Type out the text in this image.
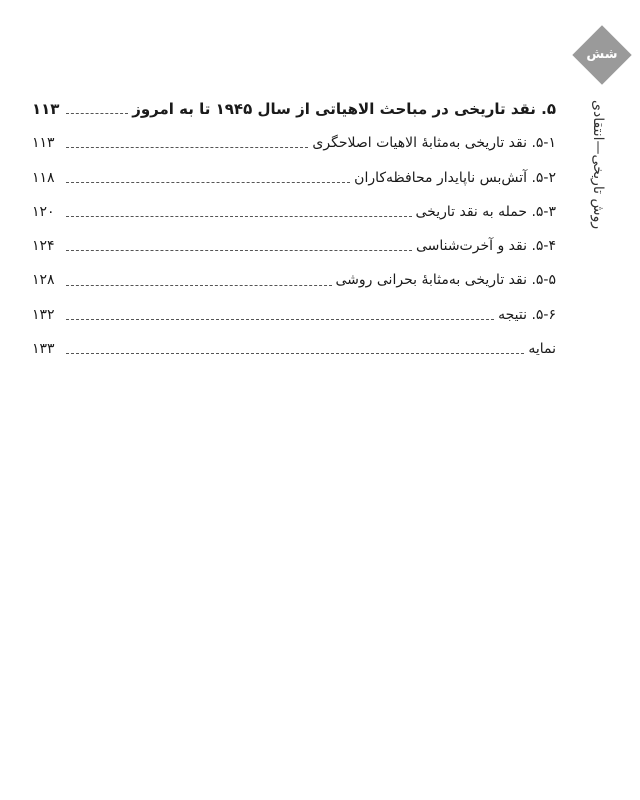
شش
روش تاریخی—انتقادی
۵. نقد تاریخی در مباحث الاهیاتی از سال ۱۹۴۵ تا به امروز
۱۱۳
۵-۱. نقد تاریخی به‌مثابهٔ الاهیات اصلاحگری
۱۱۳
۵-۲. آتش‌بس ناپایدار محافظه‌کاران
۱۱۸
۵-۳. حمله به نقد تاریخی
۱۲۰
۵-۴. نقد و آخرت‌شناسی
۱۲۴
۵-۵. نقد تاریخی به‌مثابهٔ بحرانی روشی
۱۲۸
۵-۶. نتیجه
۱۳۲
نمایه
۱۳۳
